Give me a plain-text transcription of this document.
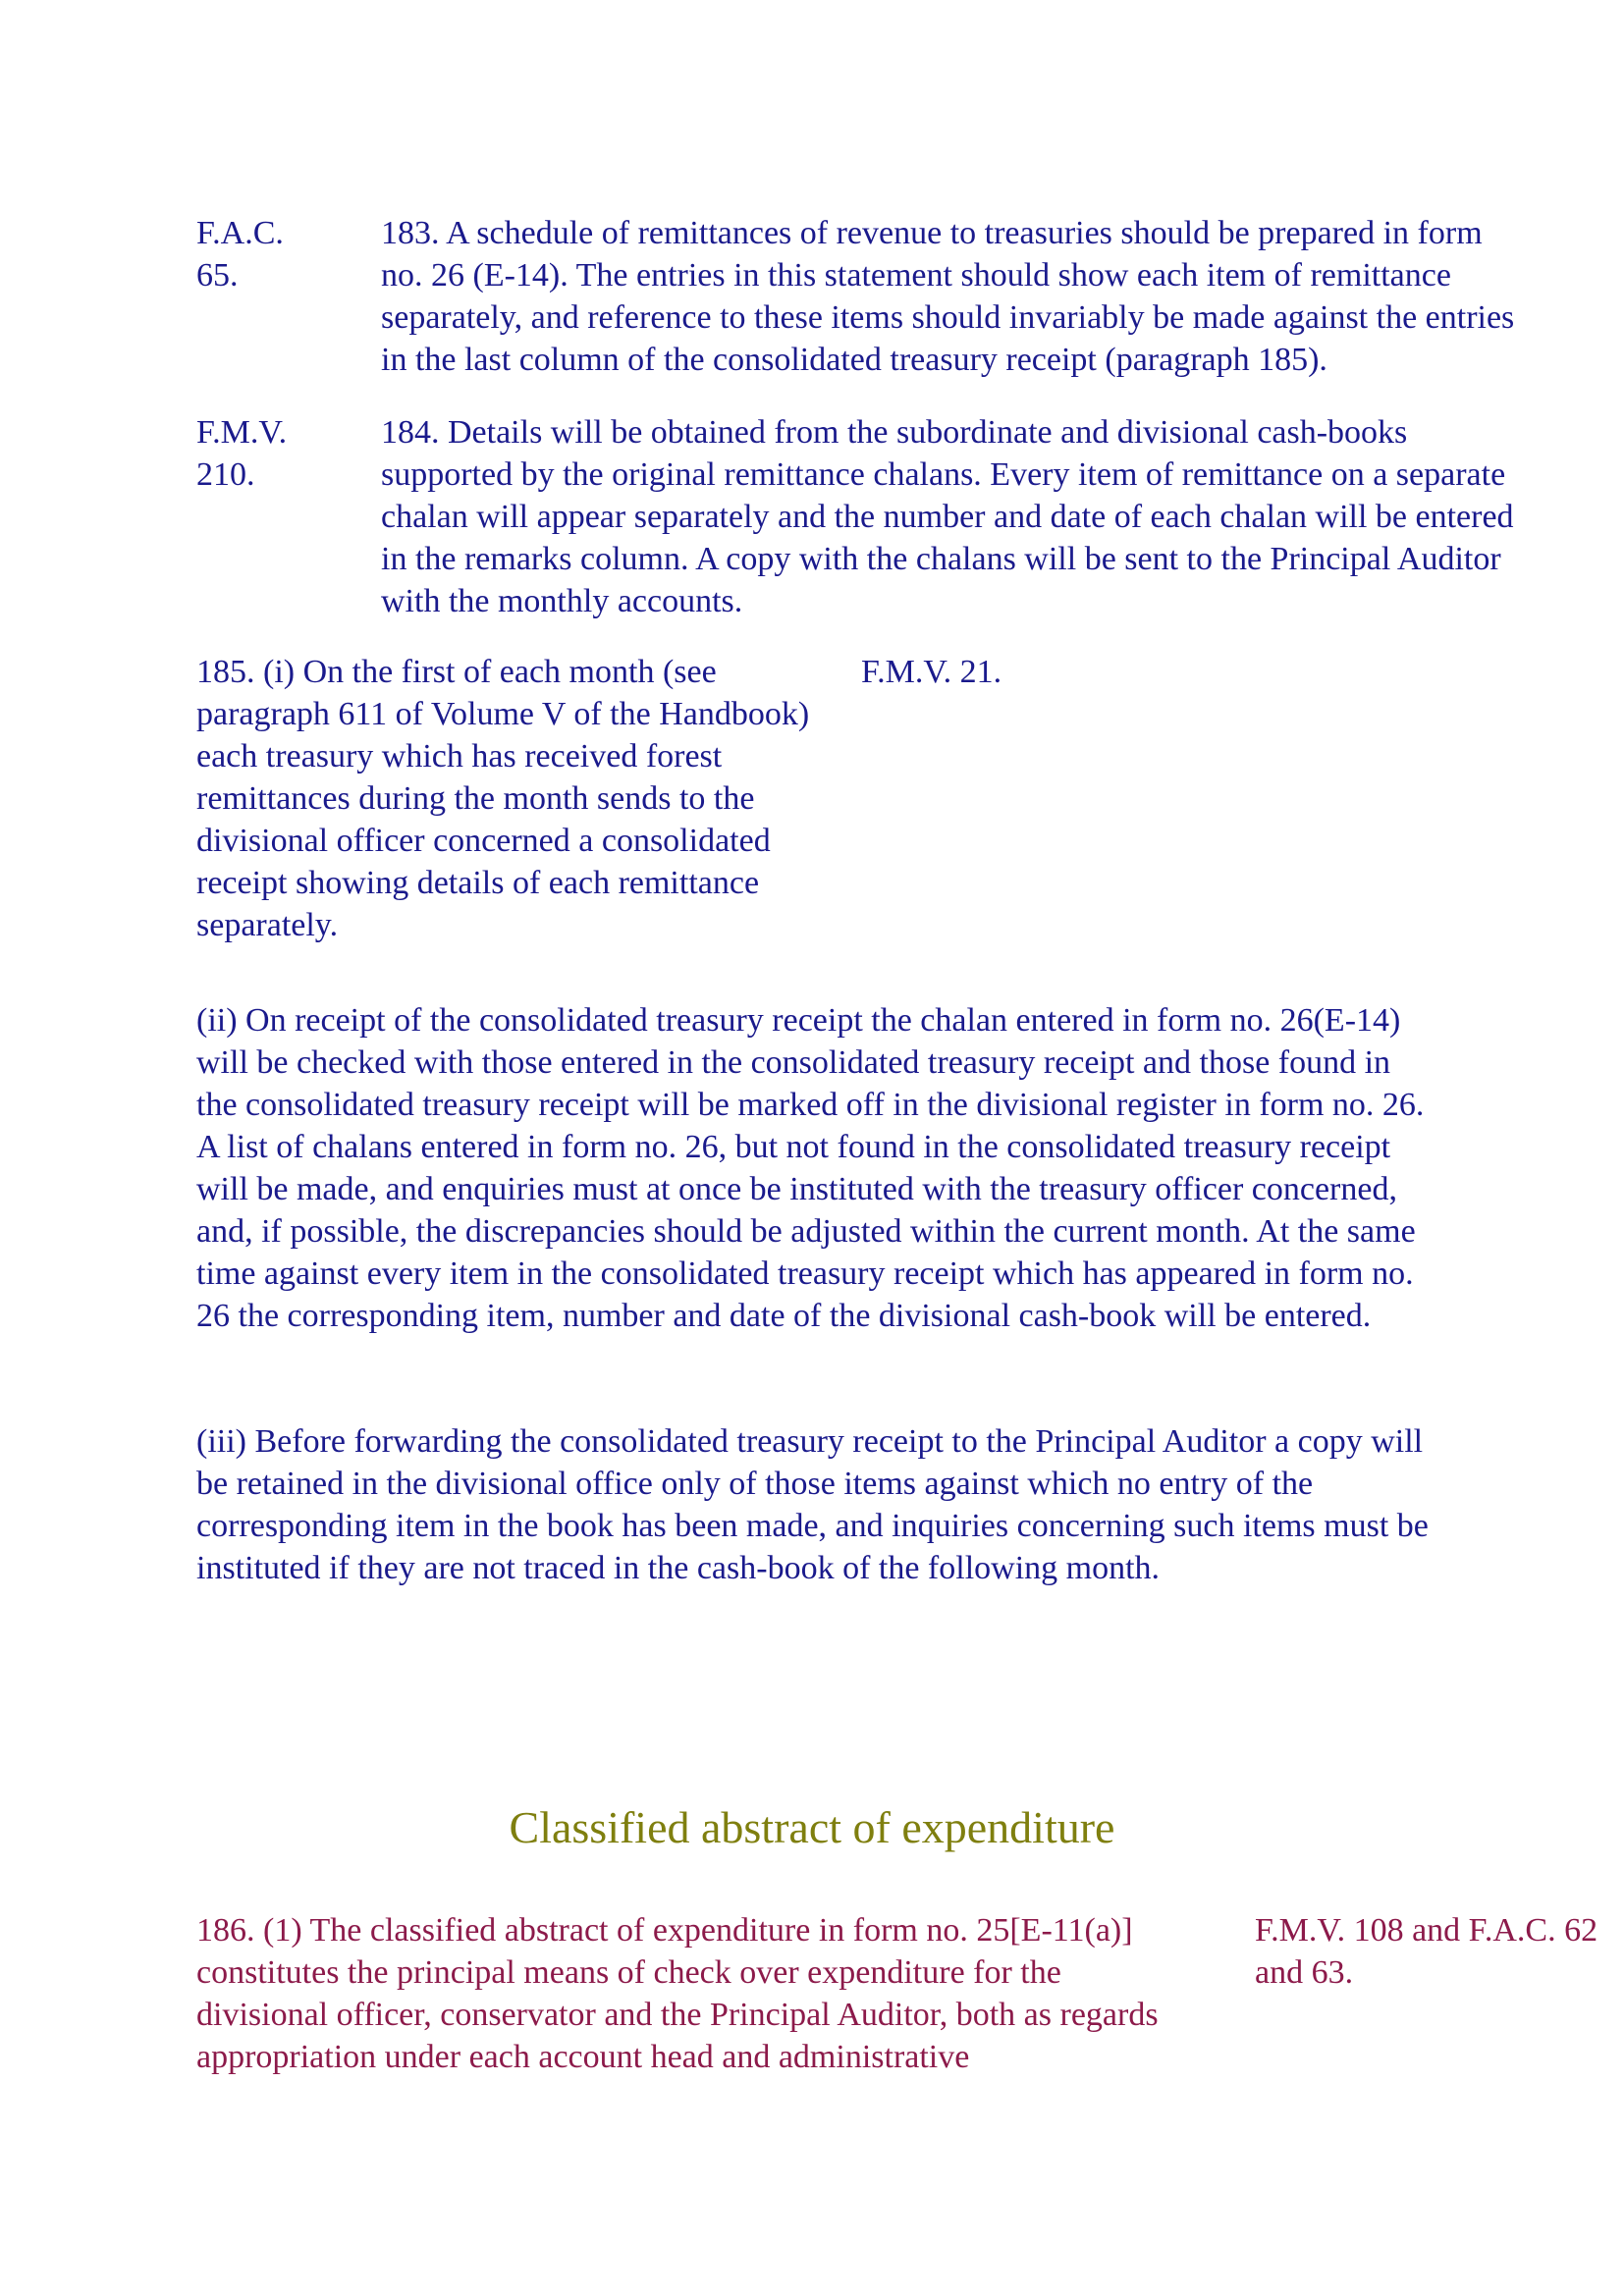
F.A.C.
65.
183. A schedule of remittances of revenue to treasuries should be prepared in form
no. 26 (E-14). The entries in this statement should show each item of remittance
separately, and reference to these items should invariably be made against the entries
in the last column of the consolidated treasury receipt (paragraph 185).
F.M.V.
210.
184. Details will be obtained from the subordinate and divisional cash-books
supported by the original remittance chalans. Every item of remittance on a separate
chalan will appear separately and the number and date of each chalan will be entered
in the remarks column. A copy with the chalans will be sent to the Principal Auditor
with the monthly accounts.

185. (i) On the first of each month (see paragraph 611 of Volume V of the Handbook) each treasury which has received forest remittances during the month sends to the divisional officer concerned a consolidated receipt showing details of each remittance separately.

F.M.V. 21.

(ii) On receipt of the consolidated treasury receipt the chalan entered in form no. 26(E-14) will be checked with those entered in the consolidated treasury receipt and those found in the consolidated treasury receipt will be marked off in the divisional register in form no. 26. A list of chalans entered in form no. 26, but not found in the consolidated treasury receipt will be made, and enquiries must at once be instituted with the treasury officer concerned, and, if possible, the discrepancies should be adjusted within the current month. At the same time against every item in the consolidated treasury receipt which has appeared in form no. 26 the corresponding item, number and date of the divisional cash-book will be entered.

(iii) Before forwarding the consolidated treasury receipt to the Principal Auditor a copy will be retained in the divisional office only of those items against which no entry of the corresponding item in the book has been made, and inquiries concerning such items must be instituted if they are not traced in the cash-book of the following month.

Classified abstract of expenditure

186. (1) The classified abstract of expenditure in form no. 25[E-11(a)] constitutes the principal means of check over expenditure for the divisional officer, conservator and the Principal Auditor, both as regards appropriation under each account head and administrative

F.M.V. 108 and F.A.C. 62
and 63.
